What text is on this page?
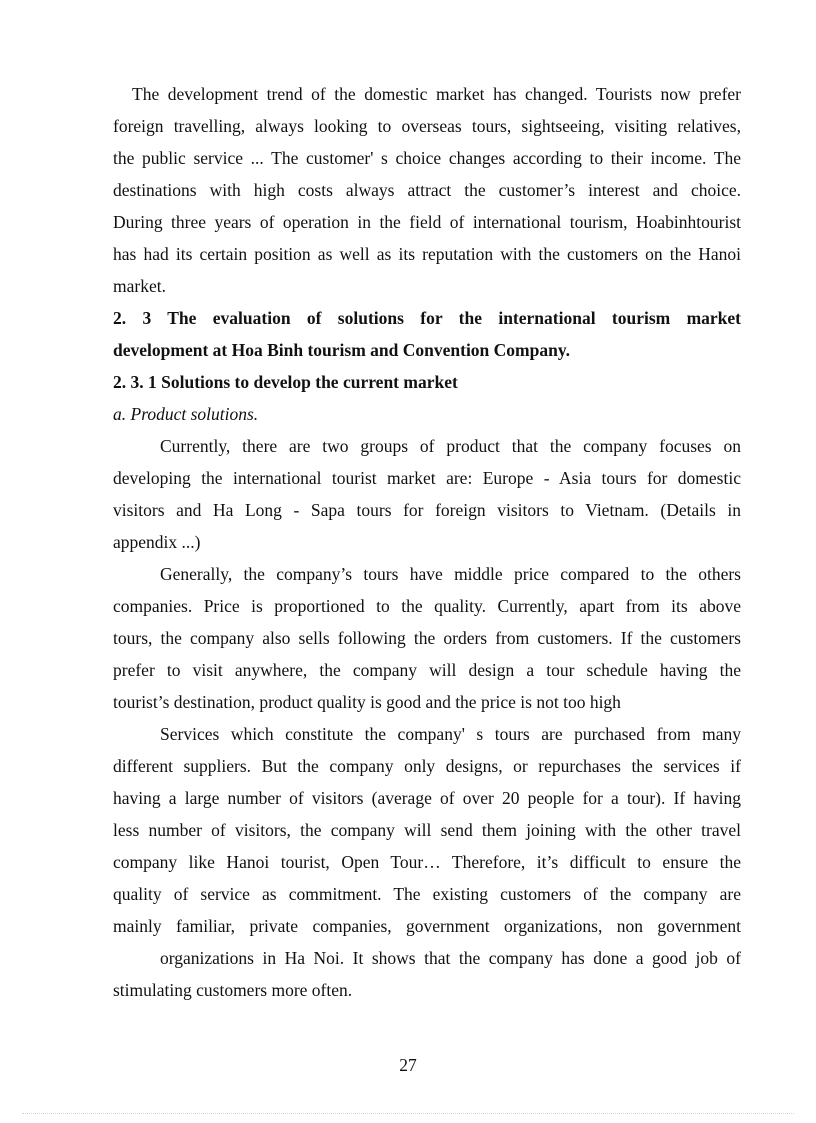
The development trend of the domestic market has changed. Tourists now prefer
foreign travelling, always looking to overseas tours, sightseeing, visiting relatives,
the public service ... The customer' s choice changes according to their income. The
destinations with high costs always attract the customer’s interest and choice.
During three years of operation in the field of international tourism, Hoabinhtourist
has had its certain position as well as its reputation with the customers on the Hanoi
market.
2. 3 The evaluation of solutions for the international tourism market
development at Hoa Binh tourism and Convention Company.
2. 3. 1 Solutions to develop the current market
a. Product solutions.
Currently, there are two groups of product that the company focuses on
developing the international tourist market are: Europe - Asia tours for domestic
visitors and Ha Long - Sapa tours for foreign visitors to Vietnam. (Details in
appendix ...)
Generally, the company’s tours have middle price compared to the others
companies. Price is proportioned to the quality. Currently, apart from its above
tours, the company also sells following the orders from customers. If the customers
prefer to visit anywhere, the company will design a tour schedule having the
tourist’s destination, product quality is good and the price is not too high
Services which constitute the company' s tours are purchased from many
different suppliers. But the company only designs, or repurchases the services if
having a large number of visitors (average of over 20 people for a tour). If having
less number of visitors, the company will send them joining with the other travel
company like Hanoi tourist, Open Tour… Therefore, it’s difficult to ensure the
quality of service as commitment. The existing customers of the company are
mainly familiar, private companies, government organizations, non government
organizations in Ha Noi. It shows that the company has done a good job of
stimulating customers more often.
27
